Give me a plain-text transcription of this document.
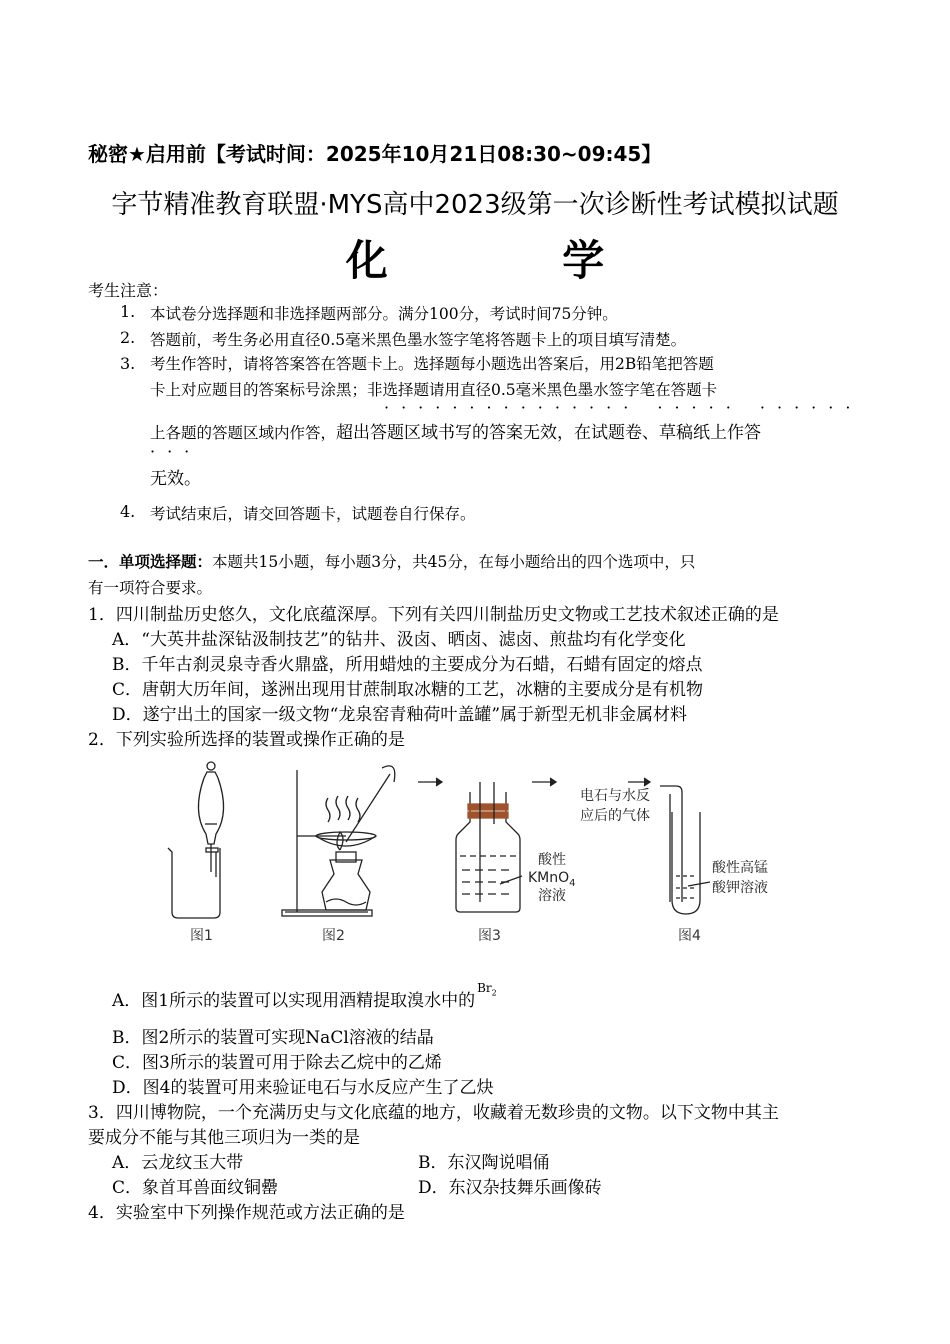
秘密★启用前【考试时间：2025年10月21日08:30~09:45】
字节精准教育联盟·MYS高中2023级第一次诊断性考试模拟试题
化 学
考生注意：
1. 本试卷分选择题和非选择题两部分。满分100分，考试时间75分钟。
2. 答题前，考生务必用直径0.5毫米黑色墨水签字笔将答题卡上的项目填写清楚。
3. 考生作答时，请将答案答在答题卡上。选择题每小题选出答案后，用2B铅笔把答题
卡上对应题目的答案标号涂黑；非选择题请用直径0.5毫米黑色墨水签字笔在答题卡
··············· ····· ······
上各题的答题区域内作答，超出答题区域书写的答案无效，在试题卷、草稿纸上作答
···
无效。
4. 考试结束后，请交回答题卡，试题卷自行保存。
一．单项选择题：本题共15小题，每小题3分，共45分，在每小题给出的四个选项中，只
有一项符合要求。
1．四川制盐历史悠久，文化底蕴深厚。下列有关四川制盐历史文物或工艺技术叙述正确的是
A．“大英井盐深钻汲制技艺”的钻井、汲卤、晒卤、滤卤、煎盐均有化学变化
B．千年古刹灵泉寺香火鼎盛，所用蜡烛的主要成分为石蜡，石蜡有固定的熔点
C．唐朝大历年间，遂洲出现用甘蔗制取冰糖的工艺，冰糖的主要成分是有机物
D．遂宁出土的国家一级文物“龙泉窑青釉荷叶盖罐”属于新型无机非金属材料
2．下列实验所选择的装置或操作正确的是
酸性
KMnO$_4$
溶液
电石与水反
应后的气体
酸性高锰
酸钾溶液
图1	图2	图3	图4
A．图1所示的装置可以实现用酒精提取溴水中的$^{Br_2}$
B．图2所示的装置可实现NaCl溶液的结晶
C．图3所示的装置可用于除去乙烷中的乙烯
D．图4的装置可用来验证电石与水反应产生了乙炔
3．四川博物院，一个充满历史与文化底蕴的地方，收藏着无数珍贵的文物。以下文物中其主
要成分不能与其他三项归为一类的是
A．云龙纹玉大带	B．东汉陶说唱俑
C．象首耳兽面纹铜罍	D．东汉杂技舞乐画像砖
4．实验室中下列操作规范或方法正确的是
